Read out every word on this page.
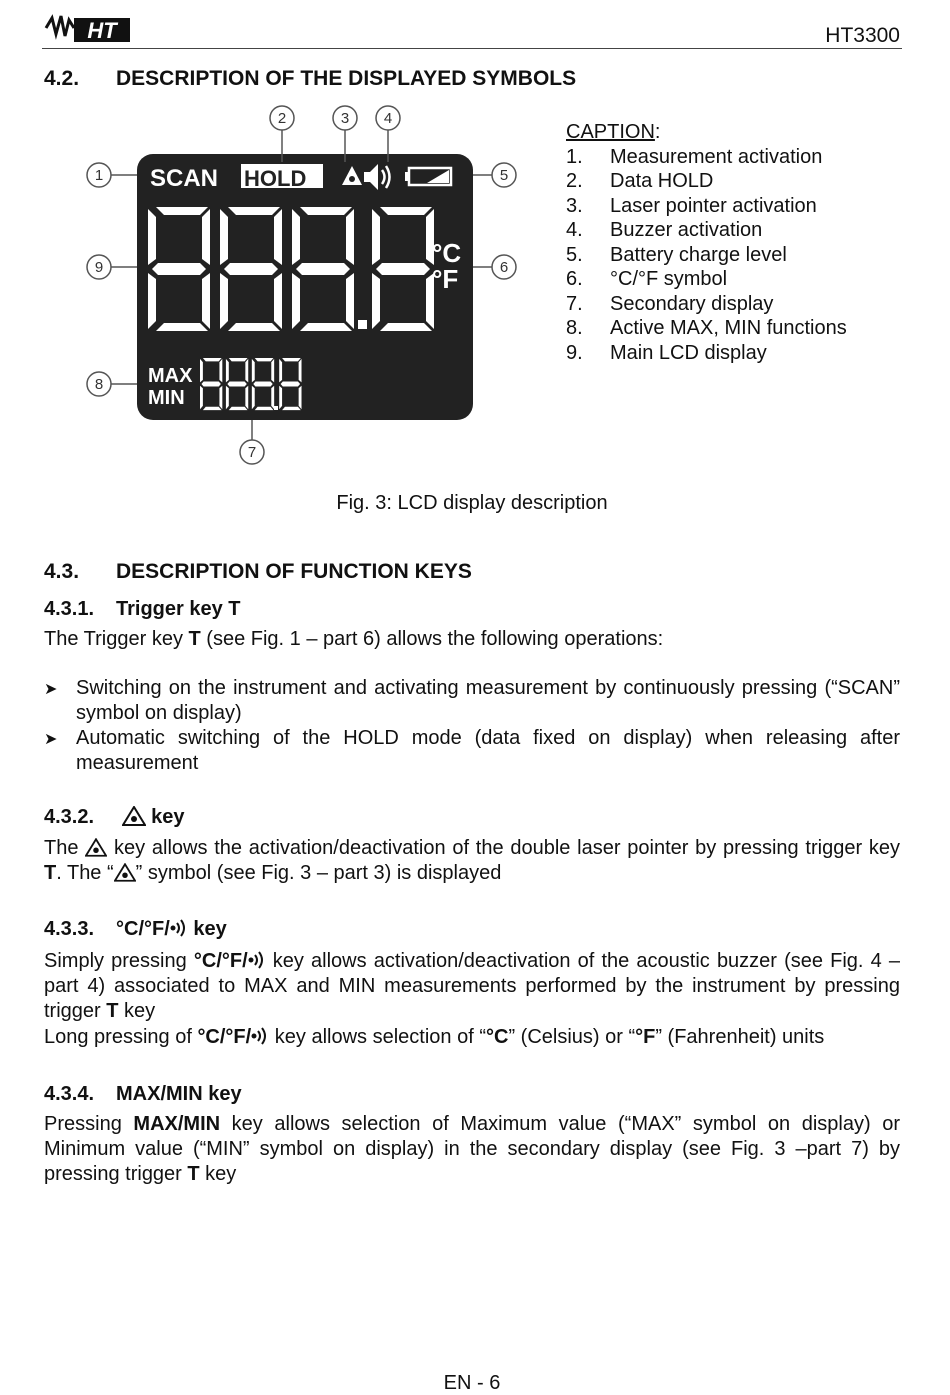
HT	HT3300
4.2. DESCRIPTION OF THE DISPLAYED SYMBOLS
SCAN HOLD
°C
°F
MAX
MIN
1
2	3 4
5
6
7
8
9
CAPTION:
1.	Measurement activation
2.	Data HOLD
3.	Laser pointer activation
4.	Buzzer activation
5.	Battery charge level
6.	°C/°F symbol
7.	Secondary display
8.	Active MAX, MIN functions
9.	Main LCD display
Fig. 3: LCD display description
4.3. DESCRIPTION OF FUNCTION KEYS
4.3.1. Trigger key T
The Trigger key T (see Fig. 1 – part 6) allows the following operations:
➤ Switching on the instrument and activating measurement by continuously pressing (“SCAN” symbol on display)
➤ Automatic switching of the HOLD mode (data fixed on display) when releasing after measurement
4.3.2.	key
The  key allows the activation/deactivation of the double laser pointer by pressing trigger key T. The “ ” symbol (see Fig. 3 – part 3) is displayed
4.3.3. °C/°F/ key
Simply pressing °C/°F/ key allows activation/deactivation of the acoustic buzzer (see Fig. 4 – part 4) associated to MAX and MIN measurements performed by the instrument by pressing trigger T key
Long pressing of °C/°F/ key allows selection of “°C” (Celsius) or “°F” (Fahrenheit) units
4.3.4. MAX/MIN key
Pressing MAX/MIN key allows selection of Maximum value (“MAX” symbol on display) or Minimum value (“MIN” symbol on display) in the secondary display (see Fig. 3 –part 7) by pressing trigger T key
EN - 6
